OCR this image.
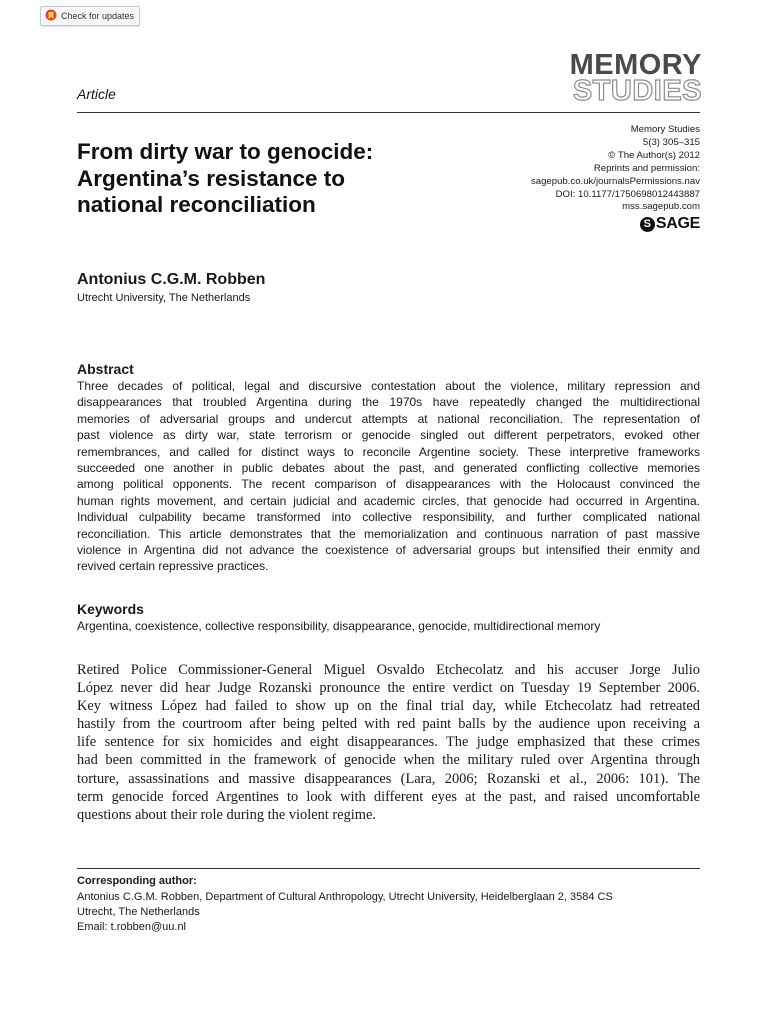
Check for updates
MEMORY
STUDIES
Article
Memory Studies
5(3) 305–315
© The Author(s) 2012
Reprints and permission:
sagepub.co.uk/journalsPermissions.nav
DOI: 10.1177/1750698012443887
mss.sagepub.com
S SAGE
From dirty war to genocide:
Argentina’s resistance to
national reconciliation
Antonius C.G.M. Robben
Utrecht University, The Netherlands
Abstract
Three decades of political, legal and discursive contestation about the violence, military repression and
disappearances that troubled Argentina during the 1970s have repeatedly changed the multidirectional
memories of adversarial groups and undercut attempts at national reconciliation. The representation of
past violence as dirty war, state terrorism or genocide singled out different perpetrators, evoked other
remembrances, and called for distinct ways to reconcile Argentine society. These interpretive frameworks
succeeded one another in public debates about the past, and generated conflicting collective memories
among political opponents. The recent comparison of disappearances with the Holocaust convinced the
human rights movement, and certain judicial and academic circles, that genocide had occurred in Argentina.
Individual culpability became transformed into collective responsibility, and further complicated national
reconciliation. This article demonstrates that the memorialization and continuous narration of past massive
violence in Argentina did not advance the coexistence of adversarial groups but intensified their enmity and
revived certain repressive practices.
Keywords
Argentina, coexistence, collective responsibility, disappearance, genocide, multidirectional memory
Retired Police Commissioner-General Miguel Osvaldo Etchecolatz and his accuser Jorge Julio
López never did hear Judge Rozanski pronounce the entire verdict on Tuesday 19 September 2006.
Key witness López had failed to show up on the final trial day, while Etchecolatz had retreated
hastily from the courtroom after being pelted with red paint balls by the audience upon receiving a
life sentence for six homicides and eight disappearances. The judge emphasized that these crimes
had been committed in the framework of genocide when the military ruled over Argentina through
torture, assassinations and massive disappearances (Lara, 2006; Rozanski et al., 2006: 101). The
term genocide forced Argentines to look with different eyes at the past, and raised uncomfortable
questions about their role during the violent regime.
Corresponding author:
Antonius C.G.M. Robben, Department of Cultural Anthropology, Utrecht University, Heidelberglaan 2, 3584 CS
Utrecht, The Netherlands
Email: t.robben@uu.nl
